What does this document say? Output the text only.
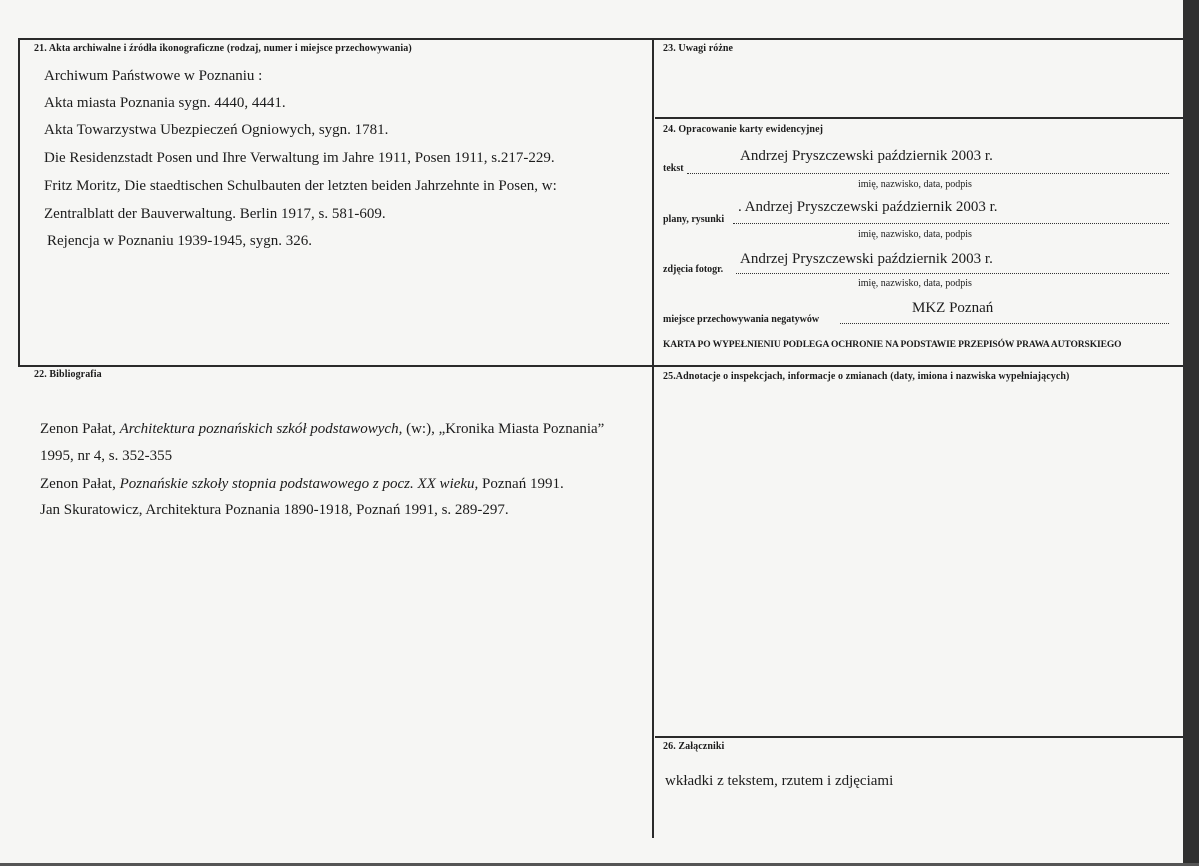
21. Akta archiwalne i źródła ikonograficzne (rodzaj, numer i miejsce przechowywania)
Archiwum Państwowe w Poznaniu :
Akta miasta Poznania sygn. 4440, 4441.
Akta Towarzystwa Ubezpieczeń Ogniowych, sygn. 1781.
Die Residenzstadt Posen und Ihre Verwaltung im Jahre 1911, Posen 1911, s.217-229.
Fritz Moritz, Die staedtischen Schulbauten der letzten beiden Jahrzehnte in Posen, w:
Zentralblatt der Bauverwaltung. Berlin 1917, s. 581-609.
Rejencja w Poznaniu 1939-1945, sygn. 326.
23. Uwagi różne
24. Opracowanie karty ewidencyjnej
Andrzej Pryszczewski październik 2003 r.
tekst
imię, nazwisko, data, podpis
. Andrzej Pryszczewski październik 2003 r.
plany, rysunki
imię, nazwisko, data, podpis
Andrzej Pryszczewski październik 2003 r.
zdjęcia fotogr.
imię, nazwisko, data, podpis
MKZ Poznań
miejsce przechowywania negatywów
KARTA PO WYPEŁNIENIU PODLEGA OCHRONIE NA PODSTAWIE PRZEPISÓW PRAWA AUTORSKIEGO
22. Bibliografia
Zenon Pałat, Architektura poznańskich szkół podstawowych, (w:), „Kronika Miasta Poznania”
1995, nr 4, s. 352-355
Zenon Pałat, Poznańskie szkoły stopnia podstawowego z pocz. XX wieku, Poznań 1991.
Jan Skuratowicz, Architektura Poznania 1890-1918, Poznań 1991, s. 289-297.
25.Adnotacje o inspekcjach, informacje o zmianach (daty, imiona i nazwiska wypełniających)
26. Załączniki
wkładki z tekstem, rzutem i zdjęciami
